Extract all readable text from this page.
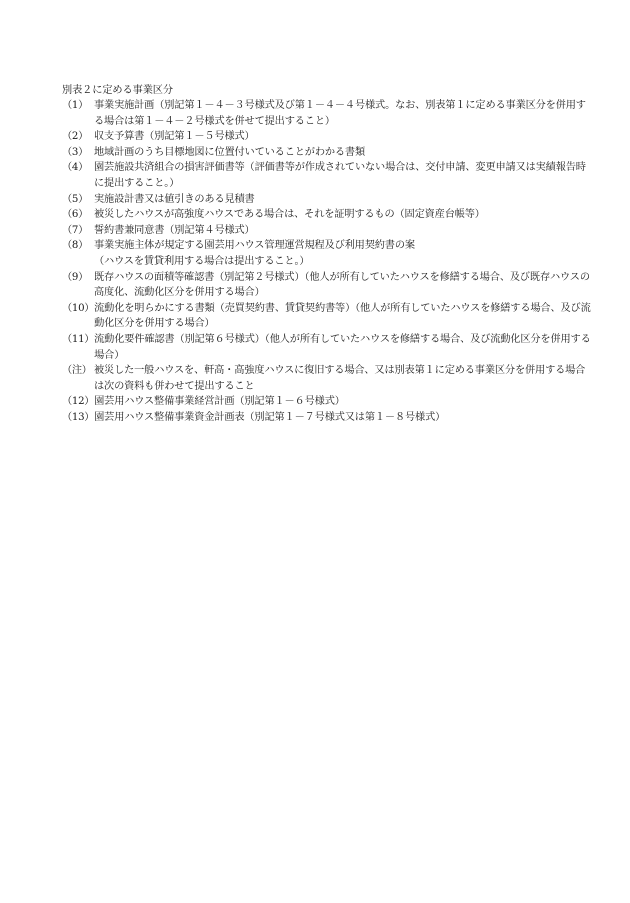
別表２に定める事業区分
（1） 事業実施計画（別記第１－４－３号様式及び第１－４－４号様式。なお、別表第１に定める事業区分を併用する場合は第１－４－２号様式を併せて提出すること）
（2） 収支予算書（別記第１－５号様式）
（3） 地域計画のうち目標地図に位置付いていることがわかる書類
（4） 園芸施設共済組合の損害評価書等（評価書等が作成されていない場合は、交付申請、変更申請又は実績報告時に提出すること。）
（5） 実施設計書又は値引きのある見積書
（6） 被災したハウスが高強度ハウスである場合は、それを証明するもの（固定資産台帳等）
（7） 誓約書兼同意書（別記第４号様式）
（8） 事業実施主体が規定する園芸用ハウス管理運営規程及び利用契約書の案
（ハウスを賃貸利用する場合は提出すること。）
（9） 既存ハウスの面積等確認書（別記第２号様式）（他人が所有していたハウスを修繕する場合、及び既存ハウスの高度化、流動化区分を併用する場合）
（10） 流動化を明らかにする書類（売買契約書、賃貸契約書等）（他人が所有していたハウスを修繕する場合、及び流動化区分を併用する場合）
（11） 流動化要件確認書（別記第６号様式）（他人が所有していたハウスを修繕する場合、及び流動化区分を併用する場合）
（注） 被災した一般ハウスを、軒高・高強度ハウスに復旧する場合、又は別表第１に定める事業区分を併用する場合は次の資料も併わせて提出すること
（12） 園芸用ハウス整備事業経営計画（別記第１－６号様式）
（13） 園芸用ハウス整備事業資金計画表（別記第１－７号様式又は第１－８号様式）
